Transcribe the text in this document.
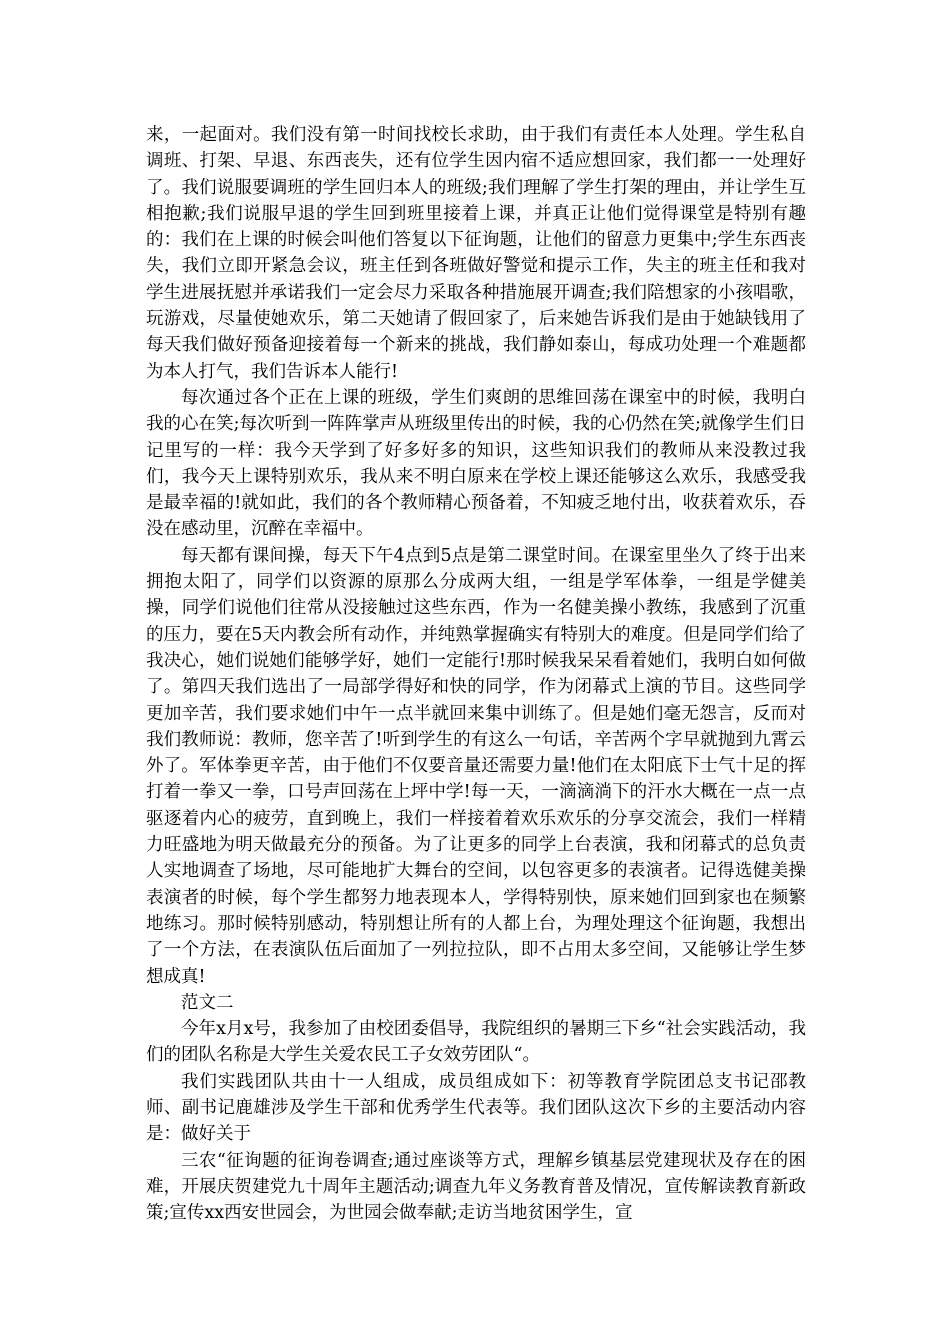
来，一起面对。我们没有第一时间找校长求助，由于我们有责任本人处理。学生私自调班、打架、早退、东西丧失，还有位学生因内宿不适应想回家，我们都一一处理好了。我们说服要调班的学生回归本人的班级;我们理解了学生打架的理由，并让学生互相抱歉;我们说服早退的学生回到班里接着上课，并真正让他们觉得课堂是特别有趣的：我们在上课的时候会叫他们答复以下征询题，让他们的留意力更集中;学生东西丧失，我们立即开紧急会议，班主任到各班做好警觉和提示工作，失主的班主任和我对学生进展抚慰并承诺我们一定会尽力采取各种措施展开调查;我们陪想家的小孩唱歌，玩游戏，尽量使她欢乐，第二天她请了假回家了，后来她告诉我们是由于她缺钱用了每天我们做好预备迎接着每一个新来的挑战，我们静如泰山，每成功处理一个难题都为本人打气，我们告诉本人能行!

每次通过各个正在上课的班级，学生们爽朗的思维回荡在课室中的时候，我明白我的心在笑;每次听到一阵阵掌声从班级里传出的时候，我的心仍然在笑;就像学生们日记里写的一样：我今天学到了好多好多的知识，这些知识我们的教师从来没教过我们，我今天上课特别欢乐，我从来不明白原来在学校上课还能够这么欢乐，我感受我是最幸福的!就如此，我们的各个教师精心预备着，不知疲乏地付出，收获着欢乐，吞没在感动里，沉醉在幸福中。

每天都有课间操，每天下午4点到5点是第二课堂时间。在课室里坐久了终于出来拥抱太阳了，同学们以资源的原那么分成两大组，一组是学军体拳，一组是学健美操，同学们说他们往常从没接触过这些东西，作为一名健美操小教练，我感到了沉重的压力，要在5天内教会所有动作，并纯熟掌握确实有特别大的难度。但是同学们给了我决心，她们说她们能够学好，她们一定能行!那时候我呆呆看着她们，我明白如何做了。第四天我们选出了一局部学得好和快的同学，作为闭幕式上演的节目。这些同学更加辛苦，我们要求她们中午一点半就回来集中训练了。但是她们毫无怨言，反而对我们教师说：教师，您辛苦了!听到学生的有这么一句话，辛苦两个字早就抛到九霄云外了。军体拳更辛苦，由于他们不仅要音量还需要力量!他们在太阳底下士气十足的挥打着一拳又一拳，口号声回荡在上坪中学!每一天，一滴滴淌下的汗水大概在一点一点驱逐着内心的疲劳，直到晚上，我们一样接着着欢乐欢乐的分享交流会，我们一样精力旺盛地为明天做最充分的预备。为了让更多的同学上台表演，我和闭幕式的总负责人实地调查了场地，尽可能地扩大舞台的空间，以包容更多的表演者。记得选健美操表演者的时候，每个学生都努力地表现本人，学得特别快，原来她们回到家也在频繁地练习。那时候特别感动，特别想让所有的人都上台，为理处理这个征询题，我想出了一个方法，在表演队伍后面加了一列拉拉队，即不占用太多空间，又能够让学生梦想成真!

范文二

今年x月x号，我参加了由校团委倡导，我院组织的暑期三下乡“社会实践活动，我们的团队名称是大学生关爱农民工子女效劳团队“。

我们实践团队共由十一人组成，成员组成如下：初等教育学院团总支书记邵教师、副书记鹿雄涉及学生干部和优秀学生代表等。我们团队这次下乡的主要活动内容是：做好关于

三农“征询题的征询卷调查;通过座谈等方式，理解乡镇基层党建现状及存在的困难，开展庆贺建党九十周年主题活动;调查九年义务教育普及情况，宣传解读教育新政策;宣传xx西安世园会，为世园会做奉献;走访当地贫困学生，宣
